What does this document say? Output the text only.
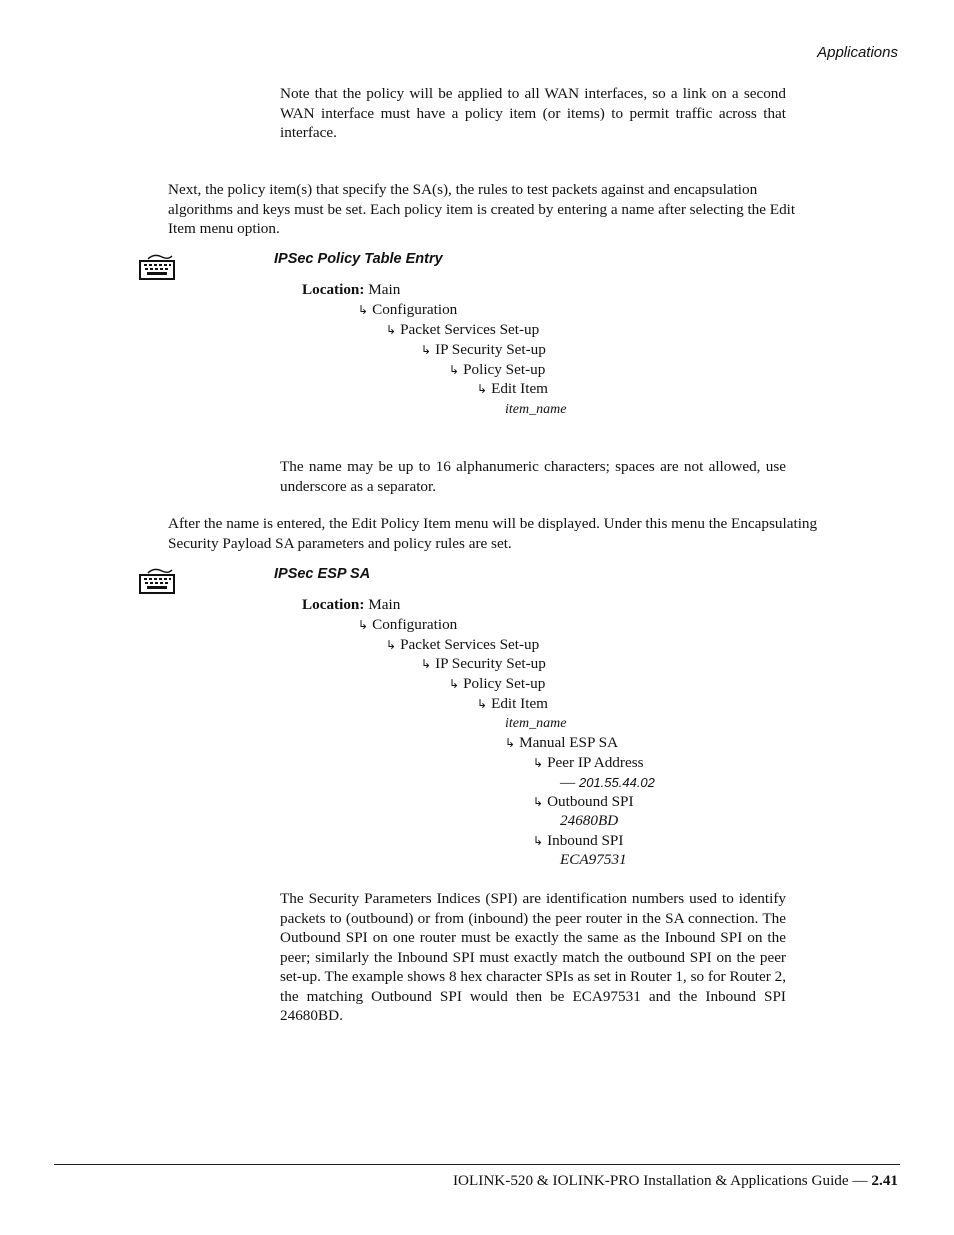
Applications

Note that the policy will be applied to all WAN interfaces, so a link on a second WAN interface must have a policy item (or items) to permit traffic across that interface.

Next, the policy item(s) that specify the SA(s), the rules to test packets against and encapsulation algorithms and keys must be set. Each policy item is created by entering a name after selecting the Edit Item menu option.

IPSec Policy Table Entry
Location: Main
↳ Configuration
↳ Packet Services Set-up
↳ IP Security Set-up
↳ Policy Set-up
↳ Edit Item
item_name

The name may be up to 16 alphanumeric characters; spaces are not allowed, use underscore as a separator.

After the name is entered, the Edit Policy Item menu will be displayed. Under this menu the Encapsulating Security Payload SA parameters and policy rules are set.

IPSec ESP SA
Location: Main
↳ Configuration
↳ Packet Services Set-up
↳ IP Security Set-up
↳ Policy Set-up
↳ Edit Item
item_name
↳ Manual ESP SA
↳ Peer IP Address
— 201.55.44.02
↳ Outbound SPI
24680BD
↳ Inbound SPI
ECA97531

The Security Parameters Indices (SPI) are identification numbers used to identify packets to (outbound) or from (inbound) the peer router in the SA connection. The Outbound SPI on one router must be exactly the same as the Inbound SPI on the peer; similarly the Inbound SPI must exactly match the outbound SPI on the peer set-up. The example shows 8 hex character SPIs as set in Router 1, so for Router 2, the matching Outbound SPI would then be ECA97531 and the Inbound SPI 24680BD.

IOLINK-520 & IOLINK-PRO Installation & Applications Guide — 2.41
